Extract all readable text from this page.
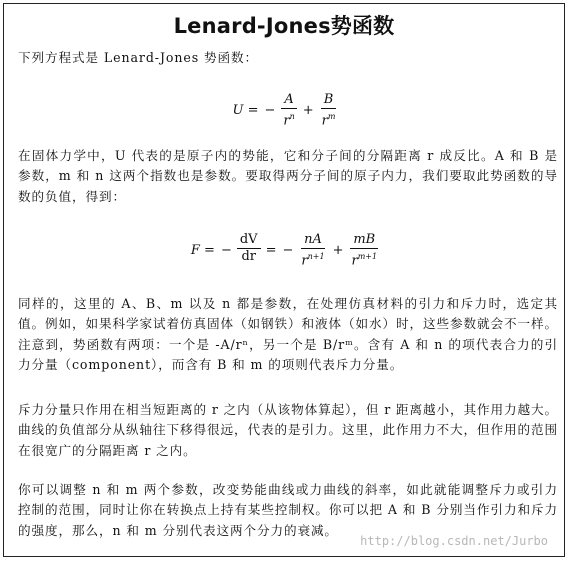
Lenard-Jones势函数
下列方程式是 Lenard-Jones 势函数：
U = − $\frac{A}{r^n} + \frac{B}{r^m}$
在固体力学中，U 代表的是原子内的势能，它和分子间的分隔距离 r 成反比。A 和 B 是参数，m 和 n 这两个指数也是参数。要取得两分子间的原子内力，我们要取此势函数的导数的负值，得到：
F = − $\frac{dV}{dr}$ = − $\frac{nA}{r^{n+1}} + \frac{mB}{r^{m+1}}$
同样的，这里的 A、B、m 以及 n 都是参数，在处理仿真材料的引力和斥力时，选定其值。例如，如果科学家试着仿真固体（如钢铁）和液体（如水）时，这些参数就会不一样。注意到，势函数有两项：一个是 -A/rⁿ，另一个是 B/rᵐ。含有 A 和 n 的项代表合力的引力分量（component），而含有 B 和 m 的项则代表斥力分量。
斥力分量只作用在相当短距离的 r 之内（从该物体算起），但 r 距离越小，其作用力越大。曲线的负值部分从纵轴往下移得很远，代表的是引力。这里，此作用力不大，但作用的范围在很宽广的分隔距离 r 之内。
你可以调整 n 和 m 两个参数，改变势能曲线或力曲线的斜率，如此就能调整斥力或引力控制的范围，同时让你在转换点上持有某些控制权。你可以把 A 和 B 分别当作引力和斥力的强度，那么，n 和 m 分别代表这两个分力的衰减。
http://blog.csdn.net/Jurbo
